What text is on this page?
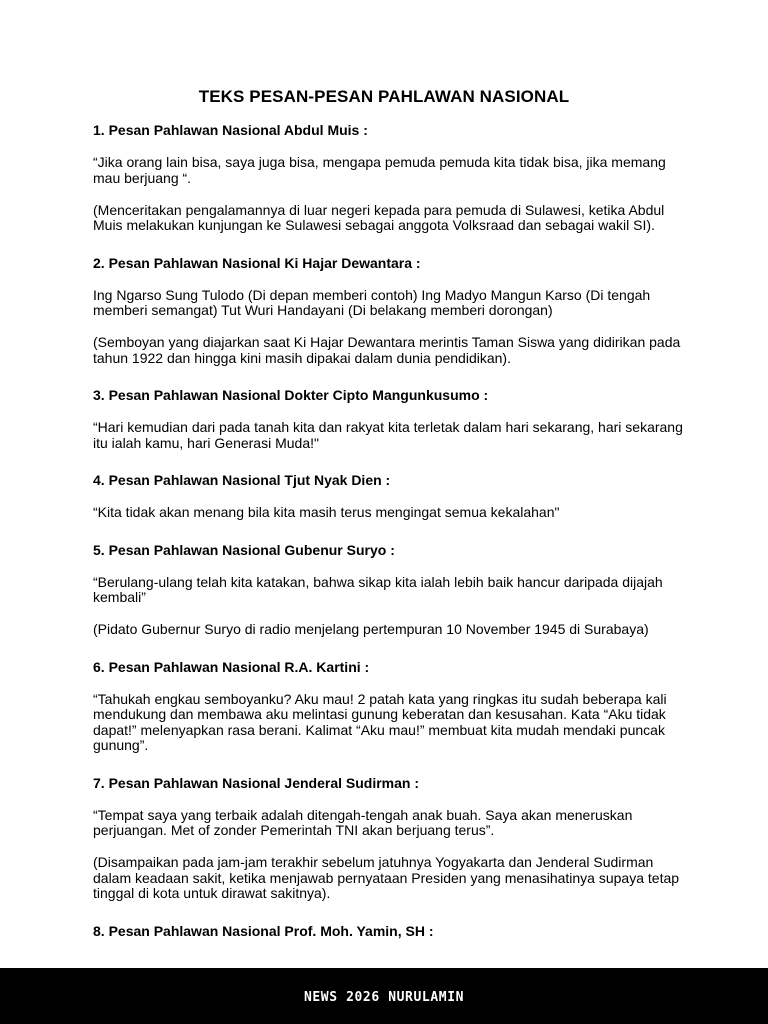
TEKS PESAN-PESAN PAHLAWAN NASIONAL

1. Pesan Pahlawan Nasional Abdul Muis :

“Jika orang lain bisa, saya juga bisa, mengapa pemuda pemuda kita tidak bisa, jika memang mau berjuang “.

(Menceritakan pengalamannya di luar negeri kepada para pemuda di Sulawesi, ketika Abdul Muis melakukan kunjungan ke Sulawesi sebagai anggota Volksraad dan sebagai wakil SI).

2. Pesan Pahlawan Nasional Ki Hajar Dewantara :

Ing Ngarso Sung Tulodo (Di depan memberi contoh) Ing Madyo Mangun Karso (Di tengah memberi semangat) Tut Wuri Handayani (Di belakang memberi dorongan)

(Semboyan yang diajarkan saat Ki Hajar Dewantara merintis Taman Siswa yang didirikan pada tahun 1922 dan hingga kini masih dipakai dalam dunia pendidikan).

3. Pesan Pahlawan Nasional Dokter Cipto Mangunkusumo :

“Hari kemudian dari pada tanah kita dan rakyat kita terletak dalam hari sekarang, hari sekarang itu ialah kamu, hari Generasi Muda!"

4. Pesan Pahlawan Nasional Tjut Nyak Dien :

“Kita tidak akan menang bila kita masih terus mengingat semua kekalahan"

5. Pesan Pahlawan Nasional Gubenur Suryo :

“Berulang-ulang telah kita katakan, bahwa sikap kita ialah lebih baik hancur daripada dijajah kembali”

(Pidato Gubernur Suryo di radio menjelang pertempuran 10 November 1945 di Surabaya)

6. Pesan Pahlawan Nasional R.A. Kartini :

“Tahukah engkau semboyanku? Aku mau! 2 patah kata yang ringkas itu sudah beberapa kali mendukung dan membawa aku melintasi gunung keberatan dan kesusahan. Kata “Aku tidak dapat!” melenyapkan rasa berani. Kalimat “Aku mau!” membuat kita mudah mendaki puncak gunung”.

7. Pesan Pahlawan Nasional Jenderal Sudirman :

“Tempat saya yang terbaik adalah ditengah-tengah anak buah. Saya akan meneruskan perjuangan. Met of zonder Pemerintah TNI akan berjuang terus”.

(Disampaikan pada jam-jam terakhir sebelum jatuhnya Yogyakarta dan Jenderal Sudirman dalam keadaan sakit, ketika menjawab pernyataan Presiden yang menasihatinya supaya tetap tinggal di kota untuk dirawat sakitnya).

8. Pesan Pahlawan Nasional Prof. Moh. Yamin, SH :

NEWS 2026 NURULAMIN
